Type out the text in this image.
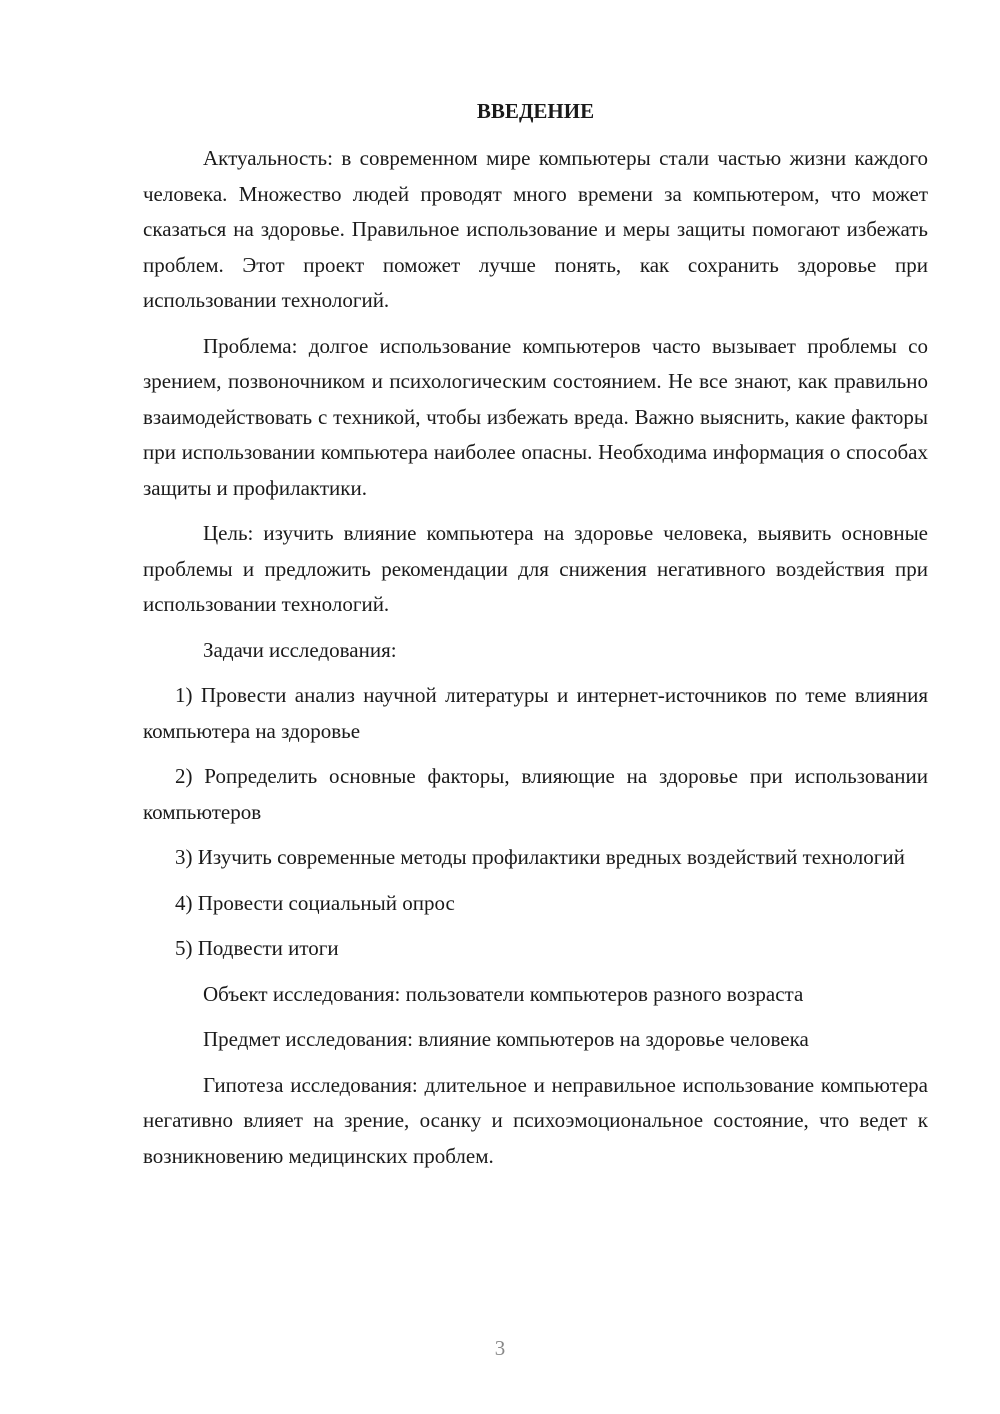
ВВЕДЕНИЕ

Актуальность: в современном мире компьютеры стали частью жизни каждого человека. Множество людей проводят много времени за компьютером, что может сказаться на здоровье. Правильное использование и меры защиты помогают избежать проблем. Этот проект поможет лучше понять, как сохранить здоровье при использовании технологий.

Проблема: долгое использование компьютеров часто вызывает проблемы со зрением, позвоночником и психологическим состоянием. Не все знают, как правильно взаимодействовать с техникой, чтобы избежать вреда. Важно выяснить, какие факторы при использовании компьютера наиболее опасны. Необходима информация о способах защиты и профилактики.

Цель: изучить влияние компьютера на здоровье человека, выявить основные проблемы и предложить рекомендации для снижения негативного воздействия при использовании технологий.

Задачи исследования:

1) Провести анализ научной литературы и интернет-источников по теме влияния компьютера на здоровье

2) Ропределить основные факторы, влияющие на здоровье при использовании компьютеров

3) Изучить современные методы профилактики вредных воздействий технологий

4) Провести социальный опрос

5) Подвести итоги

Объект исследования: пользователи компьютеров разного возраста

Предмет исследования: влияние компьютеров на здоровье человека

Гипотеза исследования: длительное и неправильное использование компьютера негативно влияет на зрение, осанку и психоэмоциональное состояние, что ведет к возникновению медицинских проблем.

3
